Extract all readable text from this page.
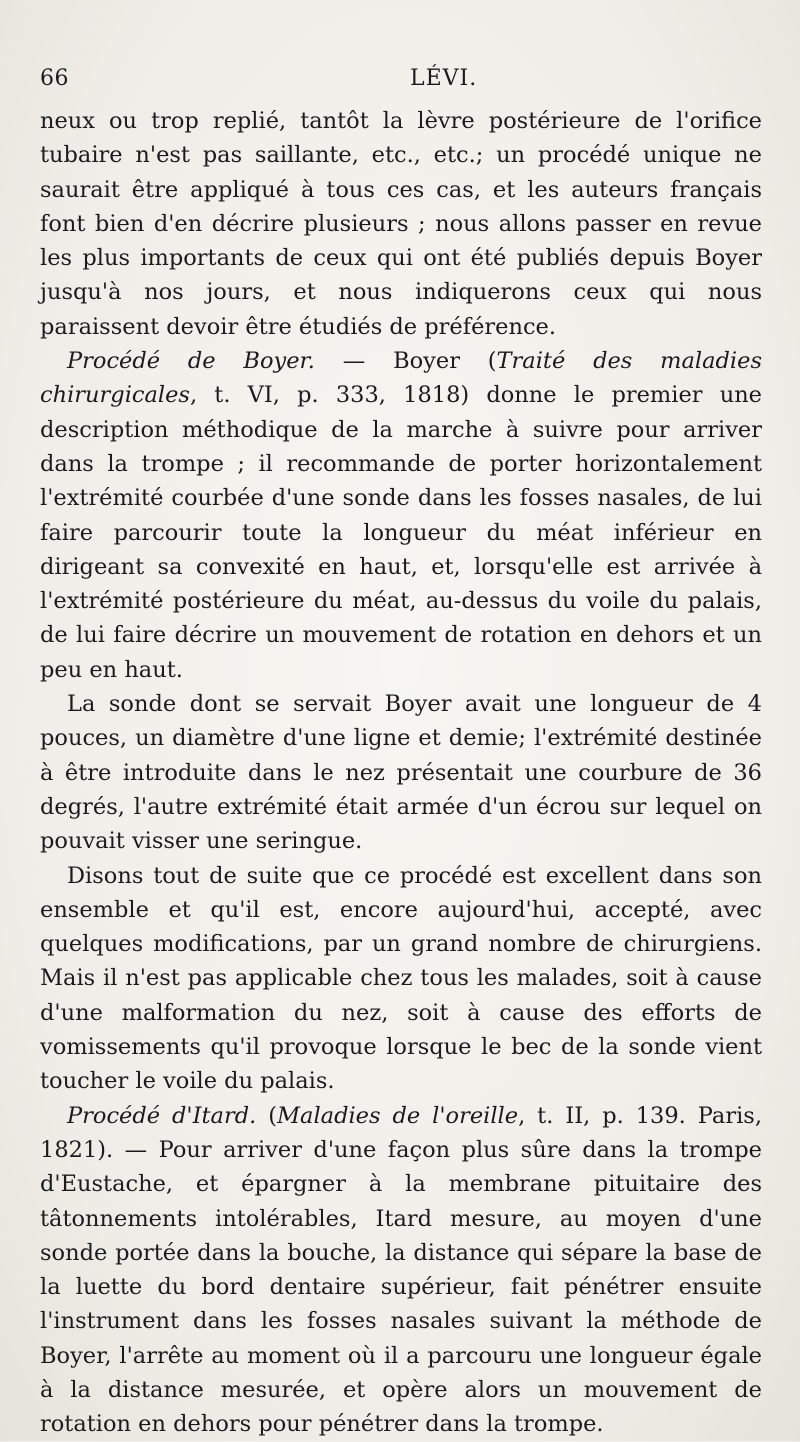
66	LÉVI.

neux ou trop replié, tantôt la lèvre postérieure de l'orifice tubaire n'est pas saillante, etc., etc.; un procédé unique ne saurait être appliqué à tous ces cas, et les auteurs français font bien d'en décrire plusieurs ; nous allons passer en revue les plus importants de ceux qui ont été publiés depuis Boyer jusqu'à nos jours, et nous indiquerons ceux qui nous paraissent devoir être étudiés de préférence.

Procédé de Boyer. — Boyer (Traité des maladies chirurgicales, t. VI, p. 333, 1818) donne le premier une description méthodique de la marche à suivre pour arriver dans la trompe ; il recommande de porter horizontalement l'extrémité courbée d'une sonde dans les fosses nasales, de lui faire parcourir toute la longueur du méat inférieur en dirigeant sa convexité en haut, et, lorsqu'elle est arrivée à l'extrémité postérieure du méat, au-dessus du voile du palais, de lui faire décrire un mouvement de rotation en dehors et un peu en haut.

La sonde dont se servait Boyer avait une longueur de 4 pouces, un diamètre d'une ligne et demie; l'extrémité destinée à être introduite dans le nez présentait une courbure de 36 degrés, l'autre extrémité était armée d'un écrou sur lequel on pouvait visser une seringue.

Disons tout de suite que ce procédé est excellent dans son ensemble et qu'il est, encore aujourd'hui, accepté, avec quelques modifications, par un grand nombre de chirurgiens. Mais il n'est pas applicable chez tous les malades, soit à cause d'une malformation du nez, soit à cause des efforts de vomissements qu'il provoque lorsque le bec de la sonde vient toucher le voile du palais.

Procédé d'Itard. (Maladies de l'oreille, t. II, p. 139. Paris, 1821). — Pour arriver d'une façon plus sûre dans la trompe d'Eustache, et épargner à la membrane pituitaire des tâtonnements intolérables, Itard mesure, au moyen d'une sonde portée dans la bouche, la distance qui sépare la base de la luette du bord dentaire supérieur, fait pénétrer ensuite l'instrument dans les fosses nasales suivant la méthode de Boyer, l'arrête au moment où il a parcouru une longueur égale à la distance mesurée, et opère alors un mouvement de rotation en dehors pour pénétrer dans la trompe.
